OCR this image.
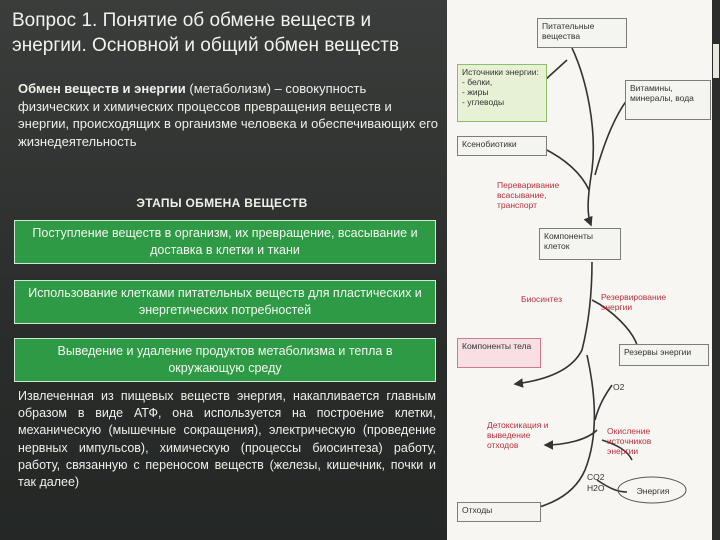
Вопрос 1. Понятие об обмене веществ и энергии. Основной и общий обмен веществ
Обмен веществ и энергии (метаболизм) – совокупность физических и химических процессов превращения веществ и энергии, происходящих в организме человека и обеспечивающих его жизнедеятельность
ЭТАПЫ ОБМЕНА ВЕЩЕСТВ
Поступление веществ в организм, их превращение, всасывание и доставка в клетки и ткани
Использование клетками питательных веществ для пластических и энергетических потребностей
Выведение и удаление продуктов метаболизма и тепла в окружающую среду
Извлеченная из пищевых веществ энергия, накапливается главным образом в виде АТФ, она используется на построение клетки, механическую (мышечные сокращения), электрическую (проведение нервных импульсов), химическую (процессы биосинтеза) работу, работу, связанную с переносом веществ (железы, кишечник, почки и так далее)
Питательные вещества
Источники энергии:
- белки,
- жиры
- углеводы
Витамины, минералы, вода
Ксенобиотики
Переваривание всасывание, транспорт
Компоненты клеток
Биосинтез	Резервирование энергии
Компоненты тела
Резервы энергии
O2
Детоксикация и выведение отходов
Окисление источников энергии
CO2
H2O	Энергия
Отходы
